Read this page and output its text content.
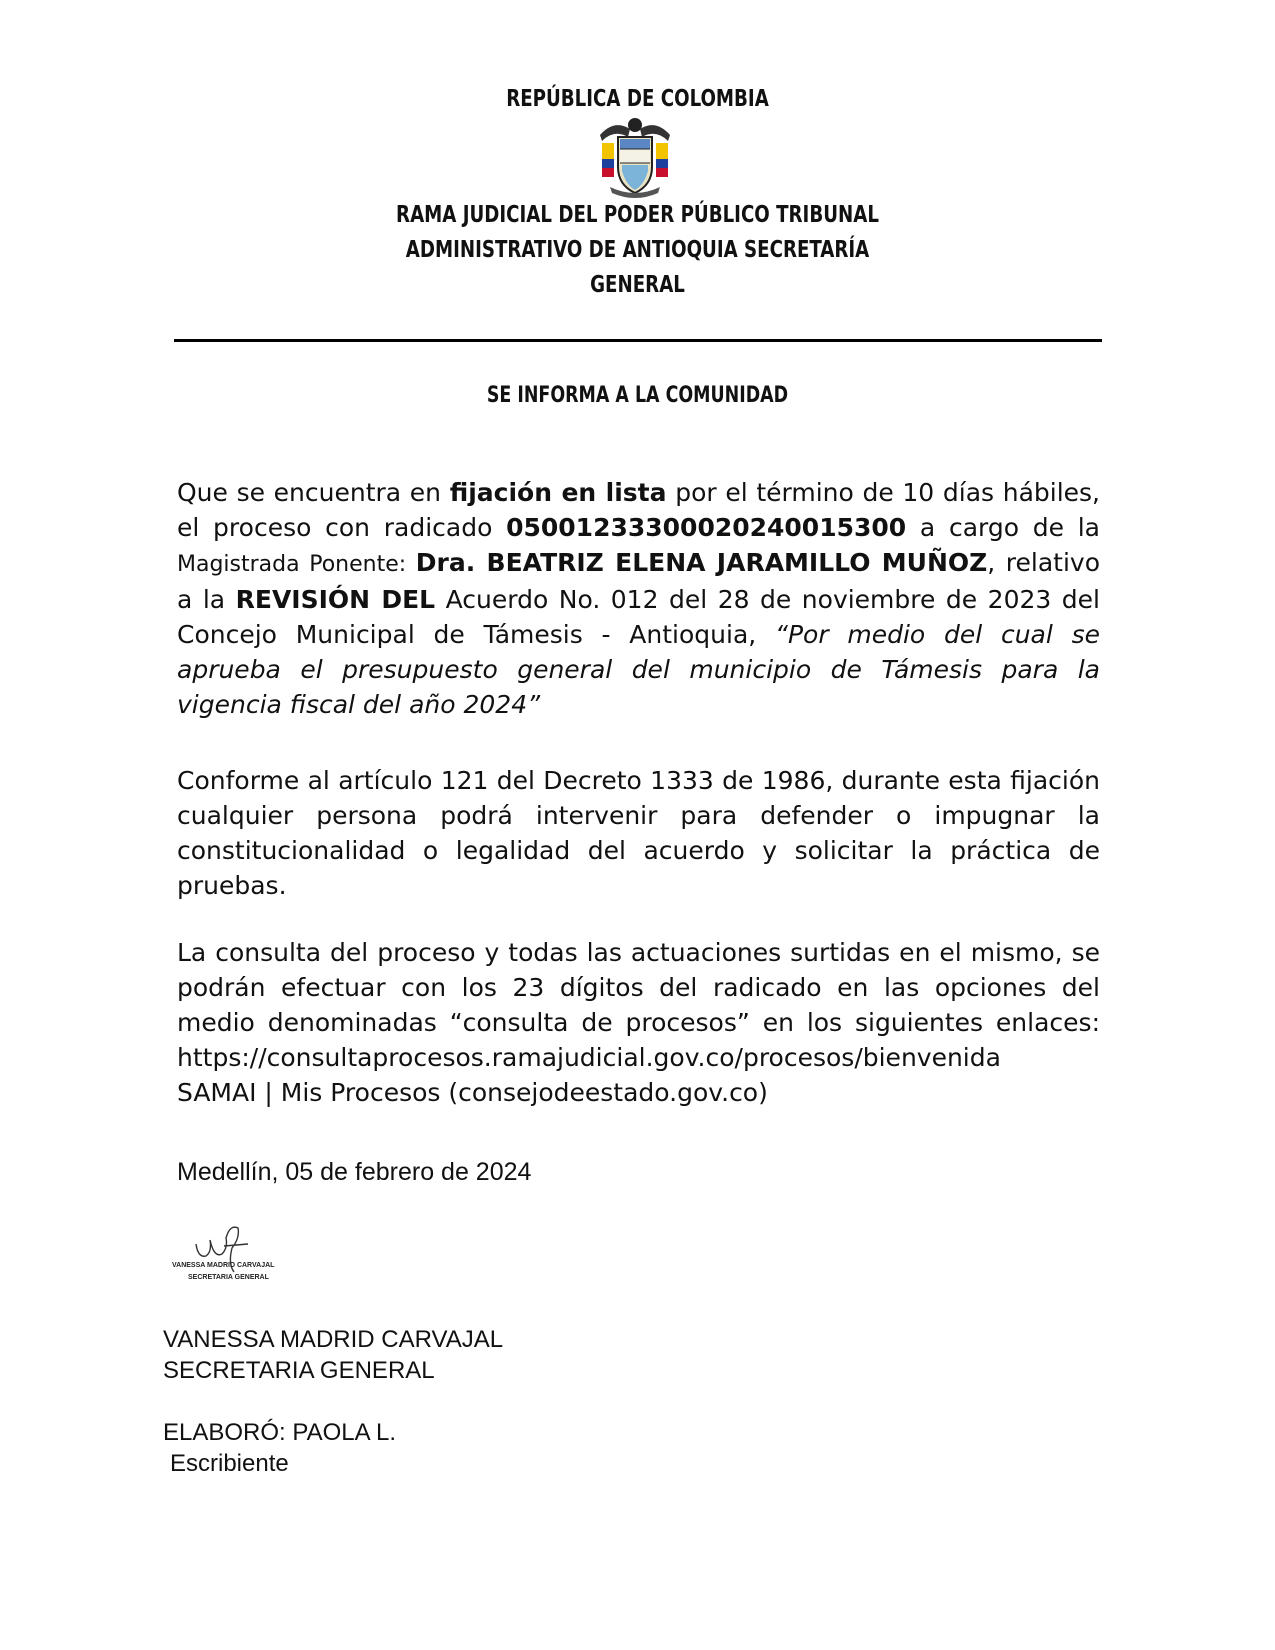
REPÚBLICA DE COLOMBIA
RAMA JUDICIAL DEL PODER PÚBLICO TRIBUNAL
ADMINISTRATIVO DE ANTIOQUIA SECRETARÍA
GENERAL
SE INFORMA A LA COMUNIDAD

Que se encuentra en fijación en lista por el término de 10 días hábiles, el proceso con radicado 05001233300020240015300 a cargo de la Magistrada Ponente: Dra. BEATRIZ ELENA JARAMILLO MUÑOZ, relativo a la REVISIÓN DEL Acuerdo No. 012 del 28 de noviembre de 2023 del Concejo Municipal de Támesis - Antioquia, “Por medio del cual se aprueba el presupuesto general del municipio de Támesis para la vigencia fiscal del año 2024”

Conforme al artículo 121 del Decreto 1333 de 1986, durante esta fijación cualquier persona podrá intervenir para defender o impugnar la constitucionalidad o legalidad del acuerdo y solicitar la práctica de pruebas.

La consulta del proceso y todas las actuaciones surtidas en el mismo, se podrán efectuar con los 23 dígitos del radicado en las opciones del medio denominadas “consulta de procesos” en los siguientes enlaces:
https://consultaprocesos.ramajudicial.gov.co/procesos/bienvenida
SAMAI | Mis Procesos (consejodeestado.gov.co)
Medellín, 05 de febrero de 2024
VANESSA MADRID CARVAJAL
SECRETARIA GENERAL
VANESSA MADRID CARVAJAL
SECRETARIA GENERAL
ELABORÓ: PAOLA L.
Escribiente
